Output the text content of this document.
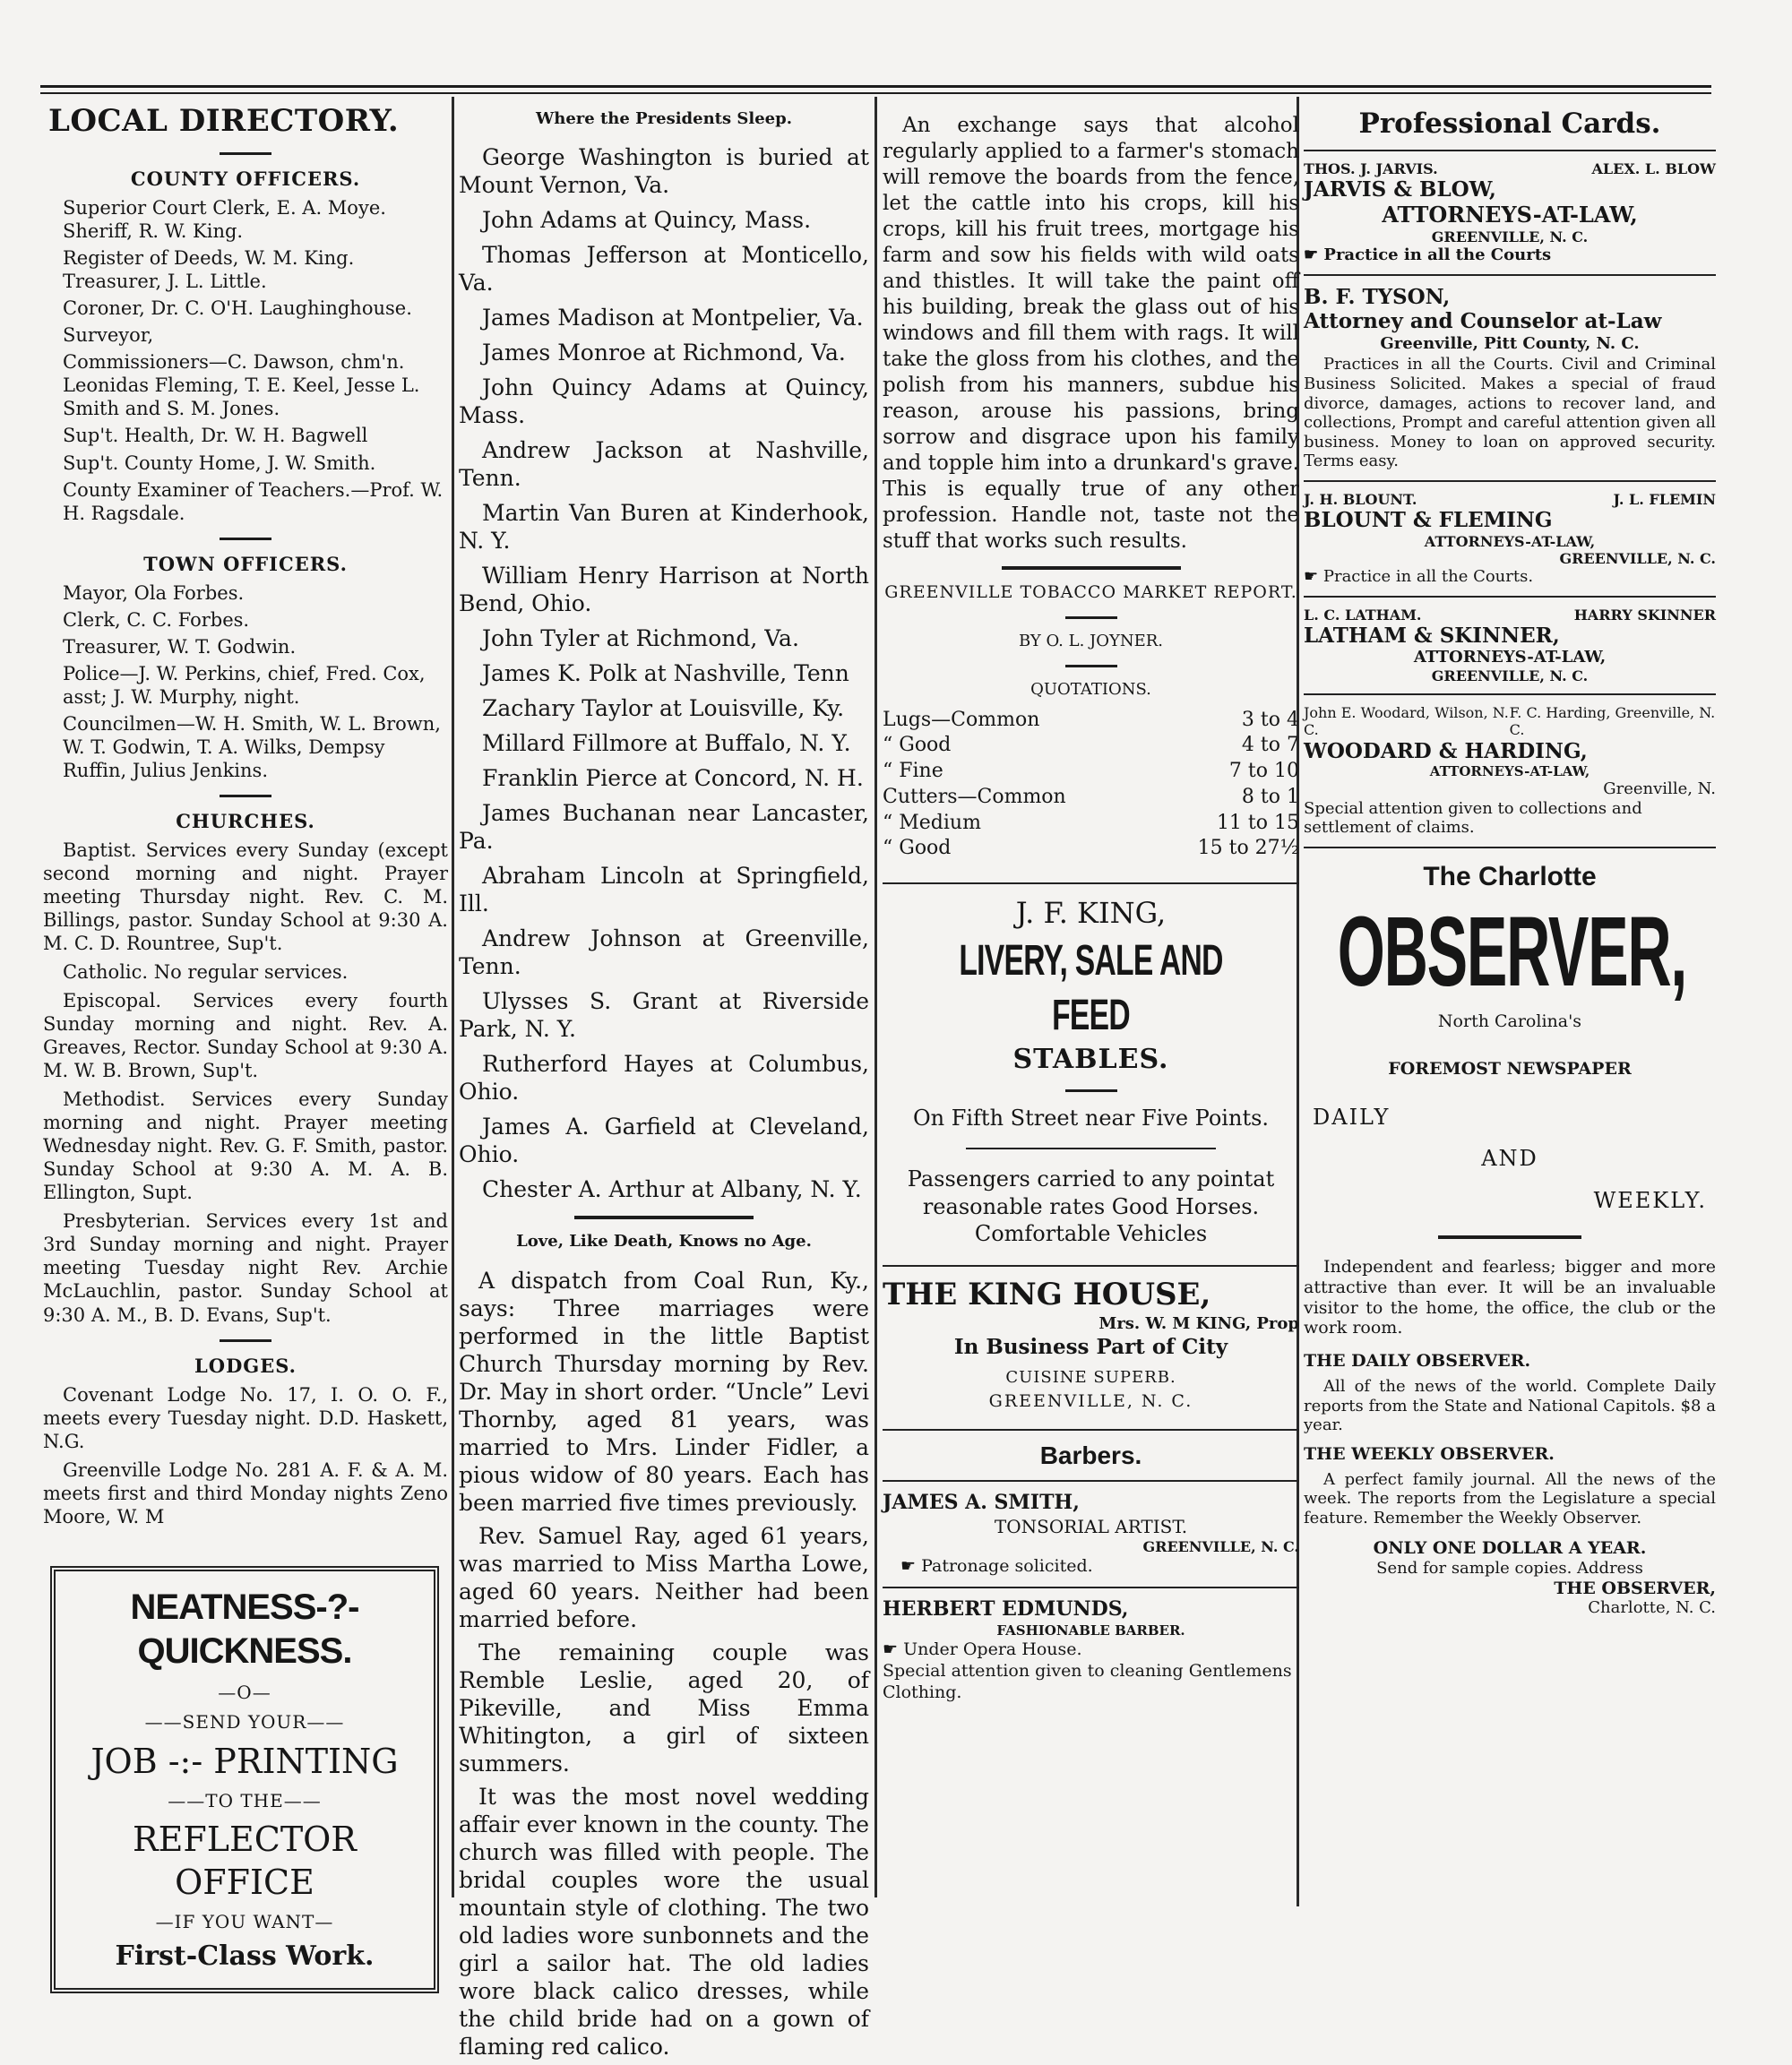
LOCAL DIRECTORY.
COUNTY OFFICERS.

Superior Court Clerk, E. A. Moye. Sheriff, R. W. King.

Register of Deeds, W. M. King. Treasurer, J. L. Little.

Coroner, Dr. C. O'H. Laughinghouse.

Surveyor,

Commissioners—C. Dawson, chm'n. Leonidas Fleming, T. E. Keel, Jesse L. Smith and S. M. Jones.

Sup't. Health, Dr. W. H. Bagwell

Sup't. County Home, J. W. Smith.

County Examiner of Teachers.—Prof. W. H. Ragsdale.

TOWN OFFICERS.

Mayor, Ola Forbes.

Clerk, C. C. Forbes.

Treasurer, W. T. Godwin.

Police—J. W. Perkins, chief, Fred. Cox, asst; J. W. Murphy, night.

Councilmen—W. H. Smith, W. L. Brown, W. T. Godwin, T. A. Wilks, Dempsy Ruffin, Julius Jenkins.

CHURCHES.

Baptist. Services every Sunday (except second morning and night. Prayer meeting Thursday night. Rev. C. M. Billings, pastor. Sunday School at 9:30 A. M. C. D. Rountree, Sup't.

Catholic. No regular services.

Episcopal. Services every fourth Sunday morning and night. Rev. A. Greaves, Rector. Sunday School at 9:30 A. M. W. B. Brown, Sup't.

Methodist. Services every Sunday morning and night. Prayer meeting Wednesday night. Rev. G. F. Smith, pastor. Sunday School at 9:30 A. M. A. B. Ellington, Supt.

Presbyterian. Services every 1st and 3rd Sunday morning and night. Prayer meeting Tuesday night Rev. Archie McLauchlin, pastor. Sunday School at 9:30 A. M., B. D. Evans, Sup't.

LODGES.

Covenant Lodge No. 17, I. O. O. F., meets every Tuesday night. D.D. Haskett, N.G.

Greenville Lodge No. 281 A. F. & A. M. meets first and third Monday nights Zeno Moore, W. M

NEATNESS-?-QUICKNESS.
—O—
——SEND YOUR——
JOB -:- PRINTING
——TO THE——
REFLECTOR OFFICE
—IF YOU WANT—
First-Class Work.
Where the Presidents Sleep.

George Washington is buried at Mount Vernon, Va.

John Adams at Quincy, Mass.

Thomas Jefferson at Monticello, Va.

James Madison at Montpelier, Va.

James Monroe at Richmond, Va.

John Quincy Adams at Quincy, Mass.

Andrew Jackson at Nashville, Tenn.

Martin Van Buren at Kinderhook, N. Y.

William Henry Harrison at North Bend, Ohio.

John Tyler at Richmond, Va.

James K. Polk at Nashville, Tenn

Zachary Taylor at Louisville, Ky.

Millard Fillmore at Buffalo, N. Y.

Franklin Pierce at Concord, N. H.

James Buchanan near Lancaster, Pa.

Abraham Lincoln at Springfield, Ill.

Andrew Johnson at Greenville, Tenn.

Ulysses S. Grant at Riverside Park, N. Y.

Rutherford Hayes at Columbus, Ohio.

James A. Garfield at Cleveland, Ohio.

Chester A. Arthur at Albany, N. Y.

Love, Like Death, Knows no Age.

A dispatch from Coal Run, Ky., says: Three marriages were performed in the little Baptist Church Thursday morning by Rev. Dr. May in short order. “Uncle” Levi Thornby, aged 81 years, was married to Mrs. Linder Fidler, a pious widow of 80 years. Each has been married five times previously.

Rev. Samuel Ray, aged 61 years, was married to Miss Martha Lowe, aged 60 years. Neither had been married before.

The remaining couple was Remble Leslie, aged 20, of Pikeville, and Miss Emma Whitington, a girl of sixteen summers.

It was the most novel wedding affair ever known in the county. The church was filled with people. The bridal couples wore the usual mountain style of clothing. The two old ladies wore sunbonnets and the girl a sailor hat. The old ladies wore black calico dresses, while the child bride had on a gown of flaming red calico.

An exchange says that alcohol regularly applied to a farmer's stomach will remove the boards from the fence, let the cattle into his crops, kill his crops, kill his fruit trees, mortgage his farm and sow his fields with wild oats and thistles. It will take the paint off his building, break the glass out of his windows and fill them with rags. It will take the gloss from his clothes, and the polish from his manners, subdue his reason, arouse his passions, bring sorrow and disgrace upon his family and topple him into a drunkard's grave. This is equally true of any other profession. Handle not, taste not the stuff that works such results.

GREENVILLE TOBACCO MARKET REPORT.
BY O. L. JOYNER.
QUOTATIONS.
Lugs—Common	3 to 4
“ Good	4 to 7
“ Fine	7 to 10
Cutters—Common	8 to 1
“ Medium	11 to 15
“ Good	15 to 27½
J. F. KING,
LIVERY, SALE AND FEED
STABLES.
On Fifth Street near Five Points.
Passengers carried to any pointat reasonable rates Good Horses. Comfortable Vehicles
THE KING HOUSE,
Mrs. W. M KING, Prop
In Business Part of City
CUISINE SUPERB.
GREENVILLE, N. C.
Barbers.
JAMES A. SMITH,
TONSORIAL ARTIST.
GREENVILLE, N. C.
☛ Patronage solicited.
HERBERT EDMUNDS,
FASHIONABLE BARBER.
☛ Under Opera House.
Special attention given to cleaning Gentlemens Clothing.
Professional Cards.
THOS. J. JARVIS.	ALEX. L. BLOW
JARVIS & BLOW,
ATTORNEYS-AT-LAW,
GREENVILLE, N. C.
☛ Practice in all the Courts
B. F. TYSON,
Attorney and Counselor at-Law
Greenville, Pitt County, N. C.
Practices in all the Courts. Civil and Criminal Business Solicited. Makes a special of fraud divorce, damages, actions to recover land, and collections, Prompt and careful attention given all business. Money to loan on approved security. Terms easy.
J. H. BLOUNT.	J. L. FLEMIN
BLOUNT & FLEMING
ATTORNEYS-AT-LAW,
GREENVILLE, N. C.
☛ Practice in all the Courts.
L. C. LATHAM.	HARRY SKINNER
LATHAM & SKINNER,
ATTORNEYS-AT-LAW,
GREENVILLE, N. C.
John E. Woodard, Wilson, N. C.
F. C. Harding, Greenville, N. C.
WOODARD & HARDING,
ATTORNEYS-AT-LAW,
Greenville, N.
Special attention given to collections and settlement of claims.
The Charlotte
OBSERVER,
North Carolina's
FOREMOST NEWSPAPER
DAILY
AND
WEEKLY.
Independent and fearless; bigger and more attractive than ever. It will be an invaluable visitor to the home, the office, the club or the work room.
THE DAILY OBSERVER.
All of the news of the world. Complete Daily reports from the State and National Capitols. $8 a year.
THE WEEKLY OBSERVER.
A perfect family journal. All the news of the week. The reports from the Legislature a special feature. Remember the Weekly Observer.
ONLY ONE DOLLAR A YEAR.
Send for sample copies. Address
THE OBSERVER,
Charlotte, N. C.
